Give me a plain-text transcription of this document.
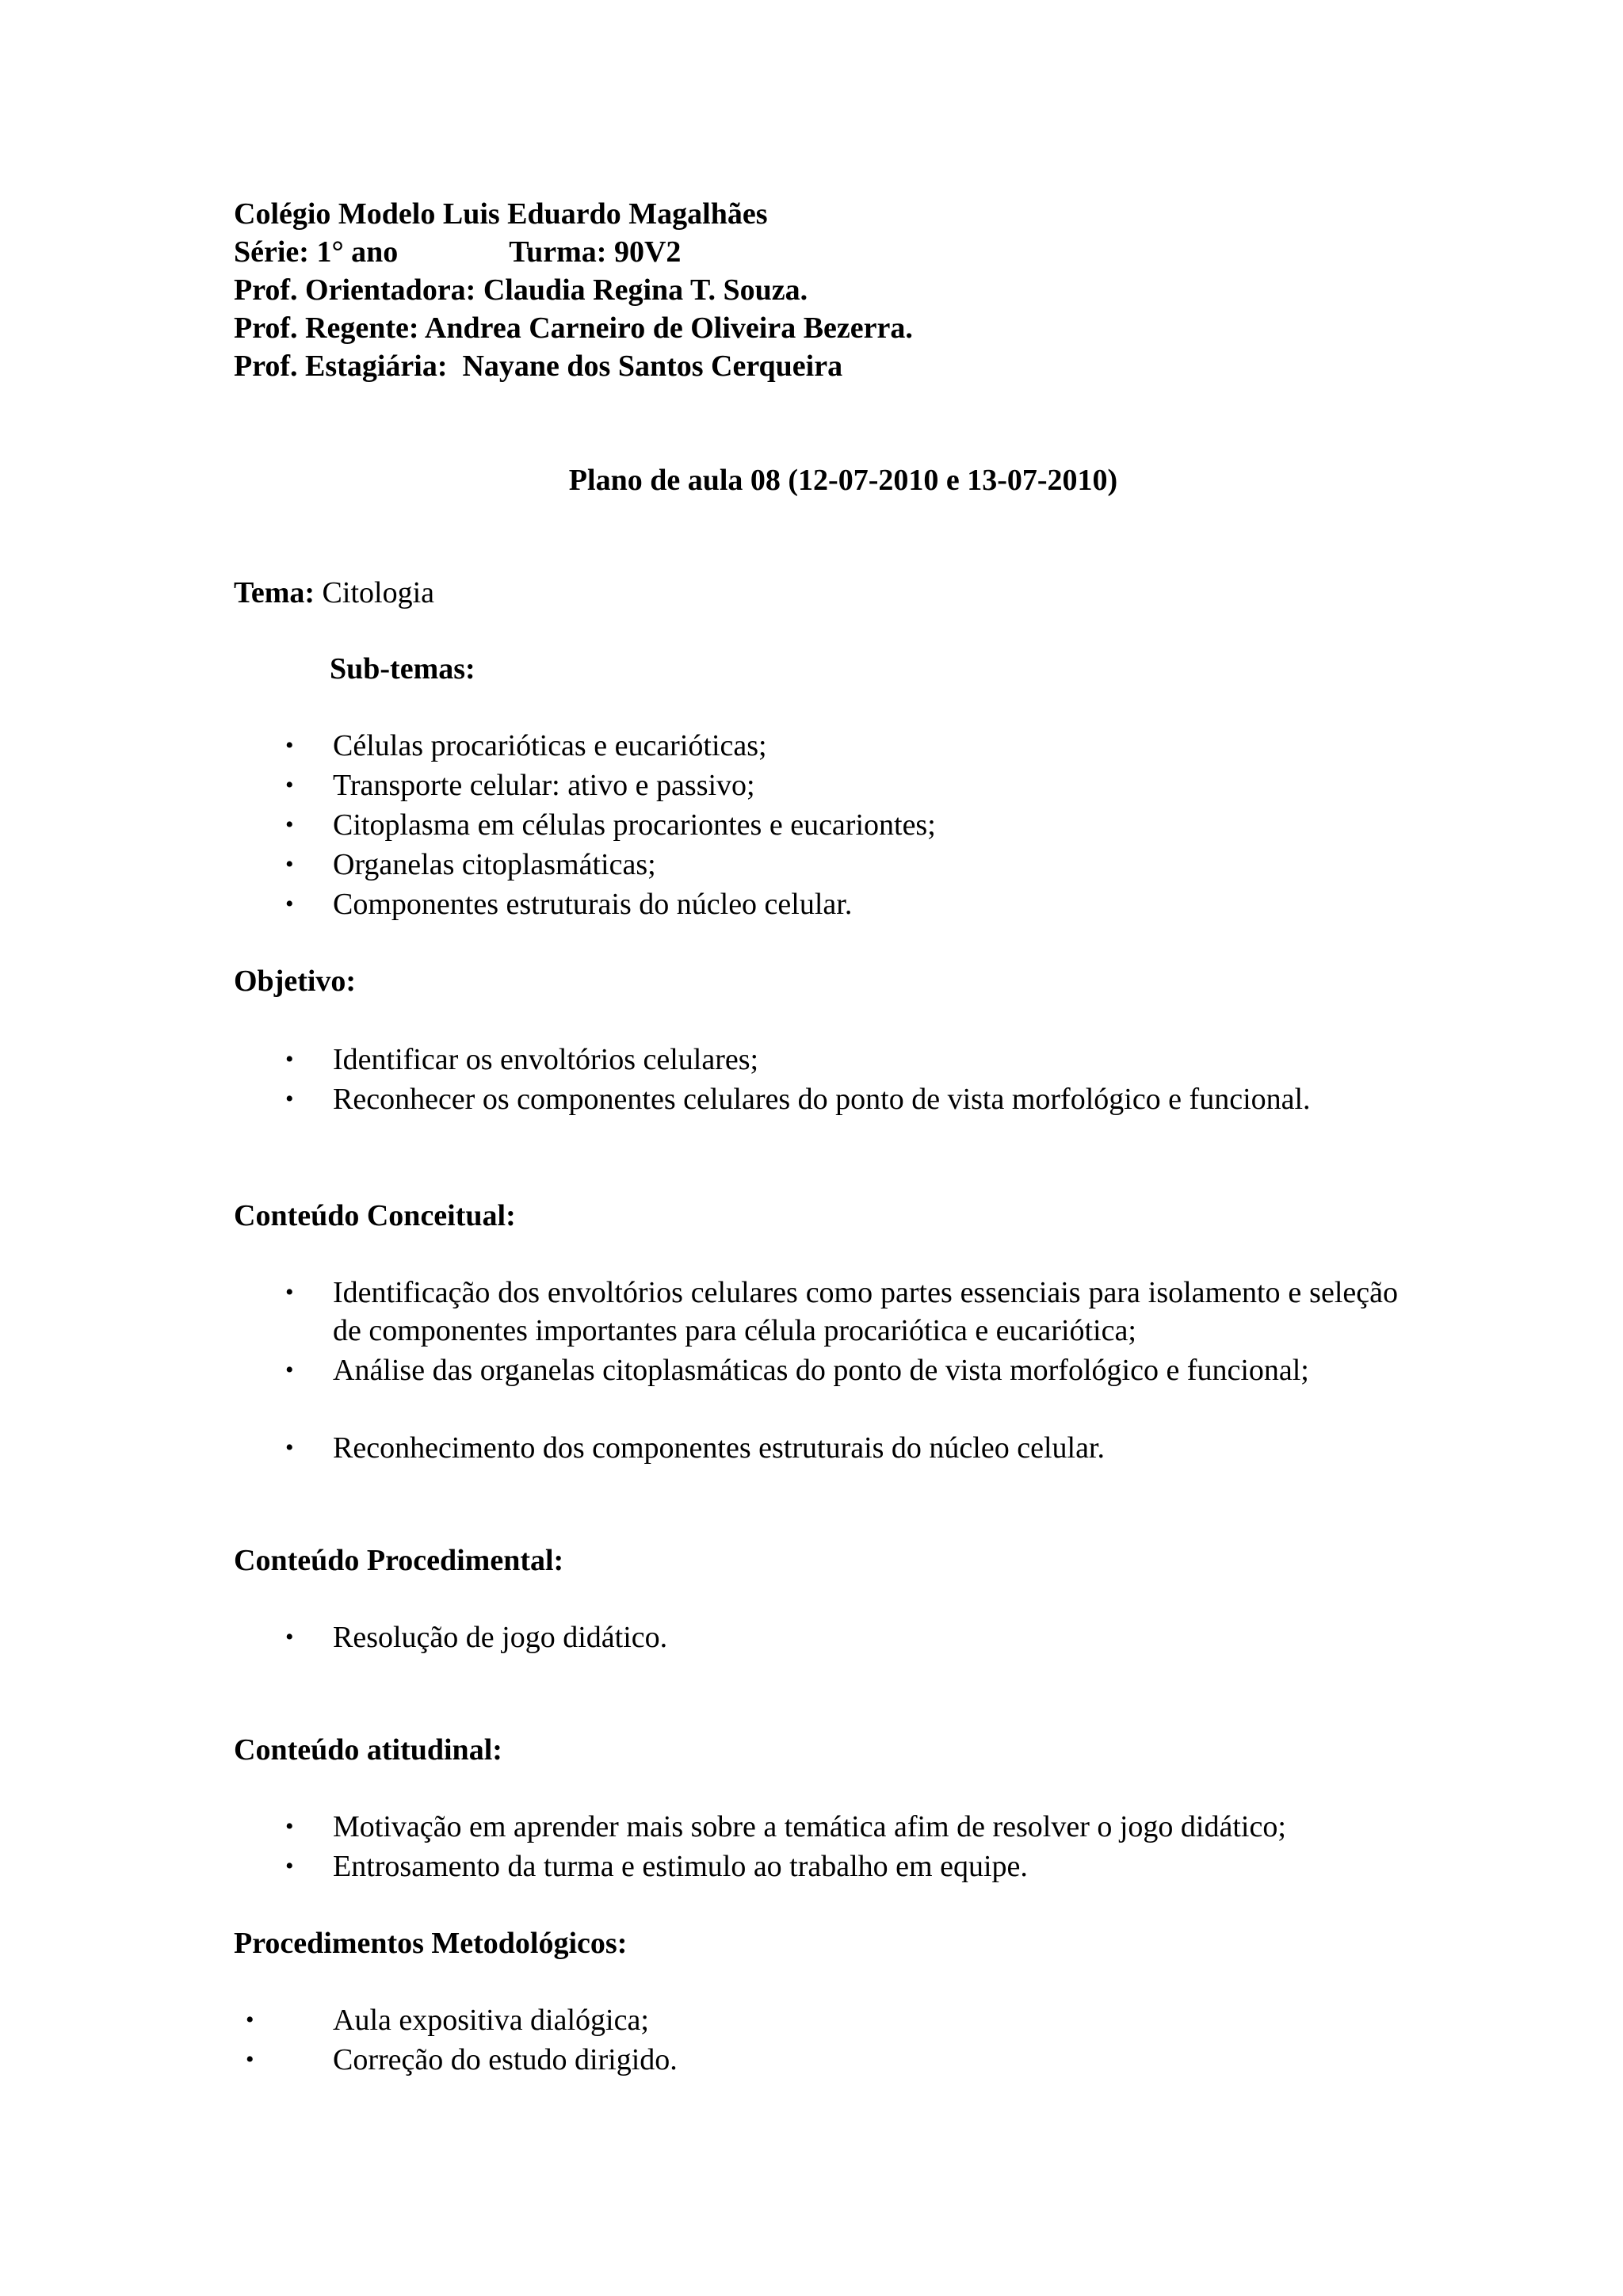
Colégio Modelo Luis Eduardo Magalhães
Série: 1° ano	Turma: 90V2
Prof. Orientadora: Claudia Regina T. Souza.
Prof. Regente: Andrea Carneiro de Oliveira Bezerra.
Prof. Estagiária:  Nayane dos Santos Cerqueira
Plano de aula 08 (12-07-2010 e 13-07-2010)
Tema: Citologia
Sub-temas:
• Células procarióticas e eucarióticas;
• Transporte celular: ativo e passivo;
• Citoplasma em células procariontes e eucariontes;
• Organelas citoplasmáticas;
• Componentes estruturais do núcleo celular.
Objetivo:
• Identificar os envoltórios celulares;
• Reconhecer os componentes celulares do ponto de vista morfológico e funcional.
Conteúdo Conceitual:
• Identificação dos envoltórios celulares como partes essenciais para isolamento e seleção de componentes importantes para célula procariótica e eucariótica;
• Análise das organelas citoplasmáticas do ponto de vista morfológico e funcional;
• Reconhecimento dos componentes estruturais do núcleo celular.
Conteúdo Procedimental:
• Resolução de jogo didático.
Conteúdo atitudinal:
• Motivação em aprender mais sobre a temática afim de resolver o jogo didático;
• Entrosamento da turma e estimulo ao trabalho em equipe.
Procedimentos Metodológicos:
•	Aula expositiva dialógica;
•	Correção do estudo dirigido.
